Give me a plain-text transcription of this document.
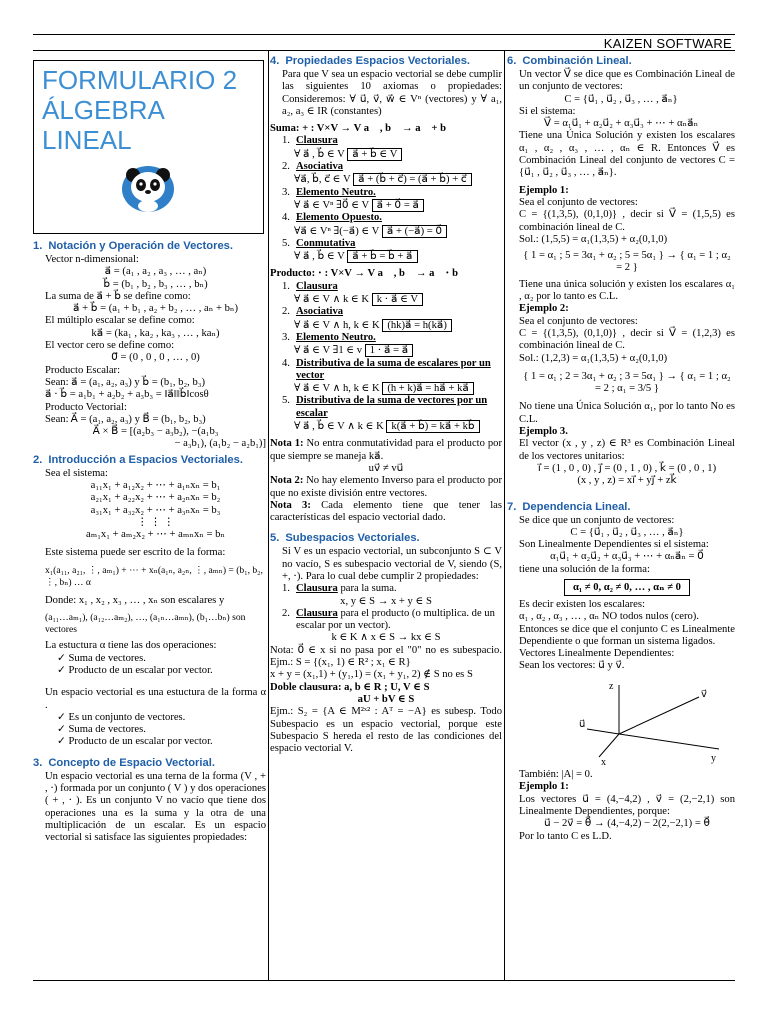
KAIZEN SOFTWARE
FORMULARIO 2
ÁLGEBRA
LINEAL
1. Notación y Operación de Vectores.
Vector n-dimensional:
a⃗ = (a₁ , a₂ , a₃ , … , aₙ)
b⃗ = (b₁ , b₂ , b₃ , … , bₙ)
La suma de a⃗ + b⃗ se define como:
a⃗ + b⃗ = (a₁ + b₁ , a₂ + b₂ , … , aₙ + bₙ)
El múltiplo escalar se define como:
ka⃗ = (ka₁ , ka₂ , ka₃ , … , kaₙ)
El vector cero se define como:
0⃗ = (0 , 0 , 0 , … , 0)
Producto Escalar:
Sean: a⃗ = (a₁, a₂, a₃) y b⃗ = (b₁, b₂, b₃)
a⃗ ⋅ b⃗ = a₁b₁ + a₂b₂ + a₃b₃ = ‖a⃗‖‖b⃗‖cosθ
Producto Vectorial:
Sean: A⃗ = (a₁, a₂, a₃) y B⃗ = (b₁, b₂, b₃)
A⃗ × B⃗ = [(a₂b₃ − a₃b₂), −(a₁b₃
− a₃b₁), (a₁b₂ − a₂b₁)]
2. Introducción a Espacios Vectoriales.
Sea el sistema:
a₁₁x₁ + a₁₂x₂ + ⋯ + a₁ₙxₙ = b₁
a₂₁x₁ + a₂₂x₂ + ⋯ + a₂ₙxₙ = b₂
a₃₁x₁ + a₃₂x₂ + ⋯ + a₃ₙxₙ = b₃
⋮ ⋮ ⋮
aₘ₁x₁ + aₘ₂x₂ + ⋯ + aₘₙxₙ = bₙ
Este sistema puede ser escrito de la forma:
x₁(a₁₁, a₂₁, ⋮, aₘ₁) + ⋯ + xₙ(a₁ₙ, a₂ₙ, ⋮, aₘₙ) = (b₁, b₂, ⋮, bₙ) … α
Donde: x₁ , x₂ , x₃ , … , xₙ son escalares y
(a₁₁…aₘ₁), (a₁₂…aₘ₂), …, (a₁ₙ…aₘₙ), (b₁…bₙ) son vectores
La estuctura α tiene las dos operaciones:
✓ Suma de vectores.
✓ Producto de un escalar por vector.
Un espacio vectorial es una estuctura de la forma α .
✓ Es un conjunto de vectores.
✓ Suma de vectores.
✓ Producto de un escalar por vector.
3. Concepto de Espacio Vectorial.
Un espacio vectorial es una terna de la forma (V , + , ⋅) formada por un conjunto ( V ) y dos operaciones ( + , ⋅ ). Es un conjunto V no vacío que tiene dos operaciones una es la suma y la otra de una multiplicación de un escalar. Es un espacio vectorial si satisface las siguientes propiedades:
4. Propiedades Espacios Vectoriales.
Para que V sea un espacio vectorial se debe cumplir las siguientes 10 axiomas o propiedades: Consideremos: ∀ u⃗, v⃗, w⃗ ∈ Vⁿ (vectores) y ∀ a₁, a₂, a₃ ∈ IR (constantes)
Suma: + : V×V → V a⃗ , b⃗ → a⃗ + b⃗
1. Clausura
∀ a⃗ , b⃗ ∈ V a⃗ + b⃗ ∈ V
2. Asociativa
∀a⃗, b⃗, c⃗ ∈ V a⃗ + (b⃗ + c⃗) = (a⃗ + b⃗) + c⃗
3. Elemento Neutro.
∀ a⃗ ∈ Vⁿ ∃0⃗ ∈ V a⃗ + 0⃗ = a⃗
4. Elemento Opuesto.
∀a⃗ ∈ Vⁿ ∃(−a⃗) ∈ V a⃗ + (−a⃗) = 0⃗
5. Conmutativa
∀ a⃗ , b⃗ ∈ V a⃗ + b⃗ = b⃗ + a⃗
Producto: ⋅ : V×V → V a⃗ , b⃗ → a⃗ ⋅ b⃗
1. Clausura
∀ a⃗ ∈ V ∧ k ∈ K k ⋅ a⃗ ∈ V
2. Asociativa
∀ a⃗ ∈ V ∧ h, k ∈ K (hk)a⃗ = h(ka⃗)
3. Elemento Neutro.
∀ a⃗ ∈ V ∃1 ∈ v 1 ⋅ a⃗ = a⃗
4. Distributiva de la suma de escalares por un vector
∀ a⃗ ∈ V ∧ h, k ∈ K (h + k)a⃗ = ha⃗ + ka⃗
5. Distributiva de la suma de vectores por un escalar
∀ a⃗ , b⃗ ∈ V ∧ k ∈ K k(a⃗ + b⃗) = ka⃗ + kb⃗
Nota 1: No entra conmutatividad para el producto por que siempre se maneja ka⃗.
uv⃗ ≠ vu⃗
Nota 2: No hay elemento Inverso para el producto por que no existe división entre vectores.
Nota 3: Cada elemento tiene que tener las características del espacio vectorial dado.
5. Subespacios Vectoriales.
Si V es un espacio vectorial, un subconjunto S ⊂ V no vacío, S es subespacio vectorial de V, siendo (S, +, ⋅). Para lo cual debe cumplir 2 propiedades:
1. Clausura para la suma.
x, y ∈ S → x + y ∈ S
2. Clausura para el producto (o multiplica. de un escalar por un vector).
k ∈ K ∧ x ∈ S → kx ∈ S
Nota: 0⃗ ∈ x si no pasa por el "0" no es subespacio. Ejm.: S = {(x₁, 1) ∈ R² ; x₁ ∈ R}
x + y = (x₁,1) + (y₁,1) = (x₁ + y₁, 2) ∉ S no es S
Doble clausura: a, b ∈ R ; U, V ∈ S
aU + bV ∈ S
Ejm.: S₂ = {A ∈ M²ˣ² : Aᵀ = −A} es subesp. Todo Subespacio es un espacio vectorial, porque este Subespacio S hereda el resto de las condiciones del espacio vectorial V.
6. Combinación Lineal.
Un vector V⃗ se dice que es Combinación Lineal de un conjunto de vectores:
C = {u⃗₁ , u⃗₂ , u⃗₃ , … , a⃗ₙ}
Si el sistema:
V⃗ = α₁u⃗₁ + α₂u⃗₂ + α₃u⃗₃ + ⋯ + αₙa⃗ₙ
Tiene una Única Solución y existen los escalares α₁ , α₂ , α₃ , … , αₙ ∈ R. Entonces V⃗ es Combinación Lineal del conjunto de vectores C = {u⃗₁ , u⃗₂ , u⃗₃ , … , a⃗ₙ}.
Ejemplo 1:
Sea el conjunto de vectores:
C = {(1,3,5), (0,1,0)} , decir si V⃗ = (1,5,5) es combinación lineal de C.
Sol.: (1,5,5) = α₁(1,3,5) + α₂(0,1,0)
{ 1 = α₁ ; 5 = 3α₁ + α₂ ; 5 = 5α₁ } → { α₁ = 1 ; α₂ = 2 }
Tiene una única solución y existen los escalares α₁ , α₂ por lo tanto es C.L.
Ejemplo 2:
Sea el conjunto de vectores:
C = {(1,3,5), (0,1,0)} , decir si V⃗ = (1,2,3) es combinación lineal de C.
Sol.: (1,2,3) = α₁(1,3,5) + α₂(0,1,0)
{ 1 = α₁ ; 2 = 3α₁ + α₂ ; 3 = 5α₁ } → { α₁ = 1 ; α₂ = 2 ; α₁ = 3/5 }
No tiene una Única Solución α₁, por lo tanto No es C.L.
Ejemplo 3.
El vector (x , y , z) ∈ R³ es Combinación Lineal de los vectores unitarios:
i⃗ = (1 , 0 , 0) , j⃗ = (0 , 1 , 0) , k⃗ = (0 , 0 , 1)
(x , y , z) = xi⃗ + yj⃗ + zk⃗
7. Dependencia Lineal.
Se dice que un conjunto de vectores:
C = {u⃗₁ , u⃗₂ , u⃗₃ , … , a⃗ₙ}
Son Linealmente Dependientes si el sistema:
α₁u⃗₁ + α₂u⃗₂ + α₃u⃗₃ + ⋯ + αₙa⃗ₙ = 0⃗
tiene una solución de la forma:
α₁ ≠ 0, α₂ ≠ 0, … , αₙ ≠ 0
Es decir existen los escalares:
α₁ , α₂ , α₃ , … , αₙ NO todos nulos (cero).
Entonces se dice que el conjunto C es Linealmente Dependiente o que forman un sistema ligados.
Vectores Linealmente Dependientes:
Sean los vectores: u⃗ y v⃗.
z
y
x
v⃗
u⃗
También: |A| = 0.
Ejemplo 1:
Los vectores u⃗ = (4,−4,2) , v⃗ = (2,−2,1) son Linealmente Dependientes, porque:
u⃗ − 2v⃗ = θ⃗ → (4,−4,2) − 2(2,−2,1) = θ⃗
Por lo tanto C es L.D.
